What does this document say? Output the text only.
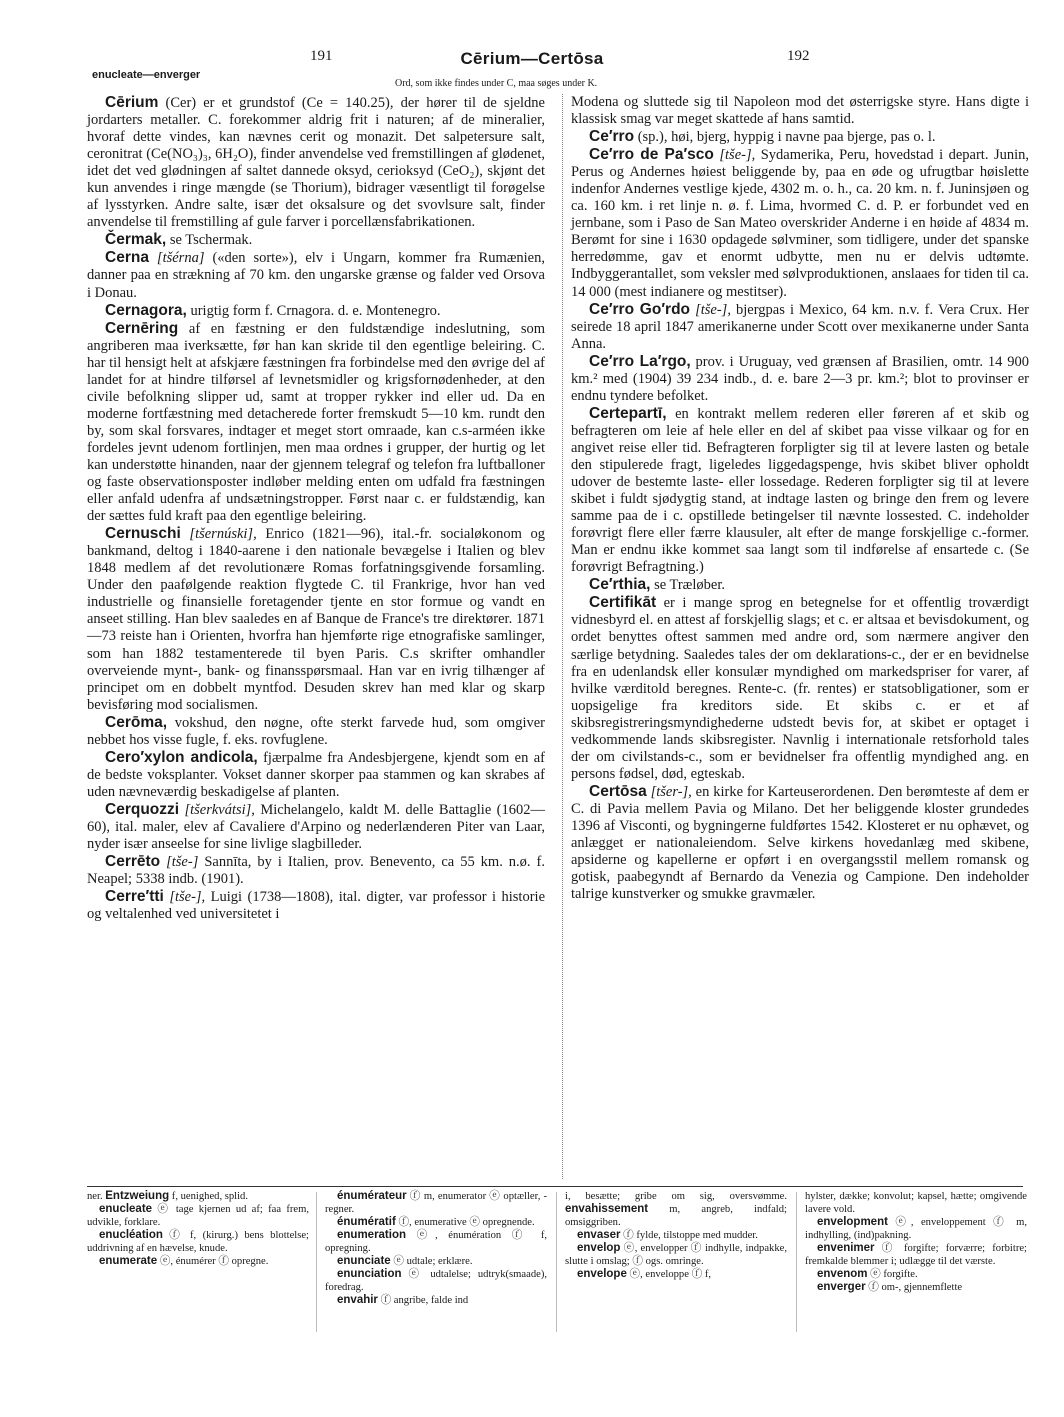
191	Cērium—Certōsa	192
enucleate—enverger
Ord, som ikke findes under C, maa søges under K.

Cērium (Cer) er et grundstof (Ce = 140.25), der hører til de sjeldne jordarters metaller. C. forekommer aldrig frit i naturen; af de mineralier, hvoraf dette vindes, kan nævnes cerit og monazit. Det salpetersure salt, ceronitrat (Ce(NO₃)₃, 6H₂O), finder anvendelse ved fremstillingen af glødenet, idet det ved glødningen af saltet dannede oksyd, cerioksyd (CeO₂), skjønt det kun anvendes i ringe mængde (se Thorium), bidrager væsentligt til forøgelse af lysstyrken. Andre salte, især det oksalsure og det svovlsure salt, finder anvendelse til fremstilling af gule farver i porcellænsfabrikationen.

Čermak, se Tschermak.

Cerna [tšérna] («den sorte»), elv i Ungarn, kommer fra Rumænien, danner paa en strækning af 70 km. den ungarske grænse og falder ved Orsova i Donau.

Cernagora, urigtig form f. Crnagora. d. e. Montenegro.

Cernēring af en fæstning er den fuldstændige indeslutning, som angriberen maa iverksætte, før han kan skride til den egentlige beleiring. C. har til hensigt helt at afskjære fæstningen fra forbindelse med den øvrige del af landet for at hindre tilførsel af levnetsmidler og krigsfornødenheder, at den civile befolkning slipper ud, samt at tropper rykker ind eller ud. Da en moderne fortfæstning med detacherede forter fremskudt 5—10 km. rundt den by, som skal forsvares, indtager et meget stort omraade, kan c.s-arméen ikke fordeles jevnt udenom fortlinjen, men maa ordnes i grupper, der hurtig og let kan understøtte hinanden, naar der gjennem telegraf og telefon fra luftballoner og faste observationsposter indløber melding enten om udfald fra fæstningen eller anfald udenfra af undsætningstropper. Først naar c. er fuldstændig, kan der sættes fuld kraft paa den egentlige beleiring.

Cernuschi [tšernúski], Enrico (1821—96), ital.-fr. socialøkonom og bankmand, deltog i 1840-aarene i den nationale bevægelse i Italien og blev 1848 medlem af det revolutionære Romas forfatningsgivende forsamling. Under den paafølgende reaktion flygtede C. til Frankrige, hvor han ved industrielle og finansielle foretagender tjente en stor formue og vandt en anseet stilling. Han blev saaledes en af Banque de France's tre direktører. 1871—73 reiste han i Orienten, hvorfra han hjemførte rige etnografiske samlinger, som han 1882 testamenterede til byen Paris. C.s skrifter omhandler overveiende mynt-, bank- og finansspørsmaal. Han var en ivrig tilhænger af principet om en dobbelt myntfod. Desuden skrev han med klar og skarp bevisføring mod socialismen.

Cerōma, vokshud, den nøgne, ofte sterkt farvede hud, som omgiver nebbet hos visse fugle, f. eks. rovfuglene.

Cero′xylon andicola, fjærpalme fra Andesbjergene, kjendt som en af de bedste voksplanter. Vokset danner skorper paa stammen og kan skrabes af uden nævneværdig beskadigelse af planten.

Cerquozzi [tšerkvátsi], Michelangelo, kaldt M. delle Battaglie (1602—60), ital. maler, elev af Cavaliere d'Arpino og nederlænderen Piter van Laar, nyder især anseelse for sine livlige slagbilleder.

Cerrēto [tše-] Sannīta, by i Italien, prov. Benevento, ca 55 km. n.ø. f. Neapel; 5338 indb. (1901).

Cerre′tti [tše-], Luigi (1738—1808), ital. digter, var professor i historie og veltalenhed ved universitetet i

Modena og sluttede sig til Napoleon mod det østerrigske styre. Hans digte i klassisk smag var meget skattede af hans samtid.

Ce′rro (sp.), høi, bjerg, hyppig i navne paa bjerge, pas o. l.

Ce′rro de Pa′sco [tše-], Sydamerika, Peru, hovedstad i depart. Junin, Perus og Andernes høiest beliggende by, paa en øde og ufrugtbar høislette indenfor Andernes vestlige kjede, 4302 m. o. h., ca. 20 km. n. f. Juninsjøen og ca. 160 km. i ret linje n. ø. f. Lima, hvormed C. d. P. er forbundet ved en jernbane, som i Paso de San Mateo overskrider Anderne i en høide af 4834 m. Berømt for sine i 1630 opdagede sølvminer, som tidligere, under det spanske herredømme, gav et enormt udbytte, men nu er delvis udtømte. Indbyggerantallet, som veksler med sølvproduktionen, anslaaes for tiden til ca. 14 000 (mest indianere og mestitser).

Ce′rro Go′rdo [tše-], bjergpas i Mexico, 64 km. n.v. f. Vera Crux. Her seirede 18 april 1847 amerikanerne under Scott over mexikanerne under Santa Anna.

Ce′rro La′rgo, prov. i Uruguay, ved grænsen af Brasilien, omtr. 14 900 km.² med (1904) 39 234 indb., d. e. bare 2—3 pr. km.²; blot to provinser er endnu tyndere befolket.

Certepartī, en kontrakt mellem rederen eller føreren af et skib og befragteren om leie af hele eller en del af skibet paa visse vilkaar og for en angivet reise eller tid. Befragteren forpligter sig til at levere lasten og betale den stipulerede fragt, ligeledes liggedagspenge, hvis skibet bliver opholdt udover de bestemte laste- eller lossedage. Rederen forpligter sig til at levere skibet i fuldt sjødygtig stand, at indtage lasten og bringe den frem og levere samme paa de i c. opstillede betingelser til nævnte lossested. C. indeholder forøvrigt flere eller færre klausuler, alt efter de mange forskjellige c.-former. Man er endnu ikke kommet saa langt som til indførelse af ensartede c. (Se forøvrigt Befragtning.)

Ce′rthia, se Træløber.

Certifikāt er i mange sprog en betegnelse for et offentlig troværdigt vidnesbyrd el. en attest af forskjellig slags; et c. er altsaa et bevisdokument, og ordet benyttes oftest sammen med andre ord, som nærmere angiver den særlige betydning. Saaledes tales der om deklarations-c., der er en bevidnelse fra en udenlandsk eller konsulær myndighed om markedspriser for varer, af hvilke værditold beregnes. Rente-c. (fr. rentes) er statsobligationer, som er uopsigelige fra kreditors side. Et skibs c. er et af skibsregistreringsmyndighederne udstedt bevis for, at skibet er optaget i vedkommende lands skibsregister. Navnlig i internationale retsforhold tales der om civilstands-c., som er bevidnelser fra offentlig myndighed ang. en persons fødsel, død, egteskab.

Certōsa [tšer-], en kirke for Karteuserordenen. Den berømteste af dem er C. di Pavia mellem Pavia og Milano. Det her beliggende kloster grundedes 1396 af Visconti, og bygningerne fuldførtes 1542. Klosteret er nu ophævet, og anlægget er nationaleiendom. Selve kirkens hovedanlæg med skibene, apsiderne og kapellerne er opført i en overgangsstil mellem romansk og gotisk, paabegyndt af Bernardo da Venezia og Campione. Den indeholder talrige kunstverker og smukke gravmæler.

ner. Entzweiung f, uenighed, splid.

enucleate ⓔ tage kjernen ud af; faa frem, udvikle, forklare.

enucléation ⓕ f, (kirurg.) bens blottelse; uddrivning af en hævelse, knude.

enumerate ⓔ, énumérer ⓕ opregne.

énumérateur ⓕ m, enumerator ⓔ optæller, -regner.

énumératif ⓕ, enumerative ⓔ opregnende.

enumeration ⓔ, énumération ⓕ f, opregning.

enunciate ⓔ udtale; erklære.

enunciation ⓔ udtalelse; udtryk(smaade), foredrag.

envahir ⓕ angribe, falde ind

i, besætte; gribe om sig, oversvømme. envahissement m, angreb, indfald; omsiggriben.

envaser ⓕ fylde, tilstoppe med mudder.

envelop ⓔ, envelopper ⓕ indhylle, indpakke, slutte i omslag; ⓕ ogs. omringe.

envelope ⓔ, enveloppe ⓕ f,

hylster, dække; konvolut; kapsel, hætte; omgivende lavere vold.

envelopment ⓔ, enveloppement ⓕ m, indhylling, (ind)pakning.

envenimer ⓕ forgifte; forværre; forbitre; fremkalde blemmer i; udlægge til det værste.

envenom ⓔ forgifte.

enverger ⓕ om-, gjennemflette
